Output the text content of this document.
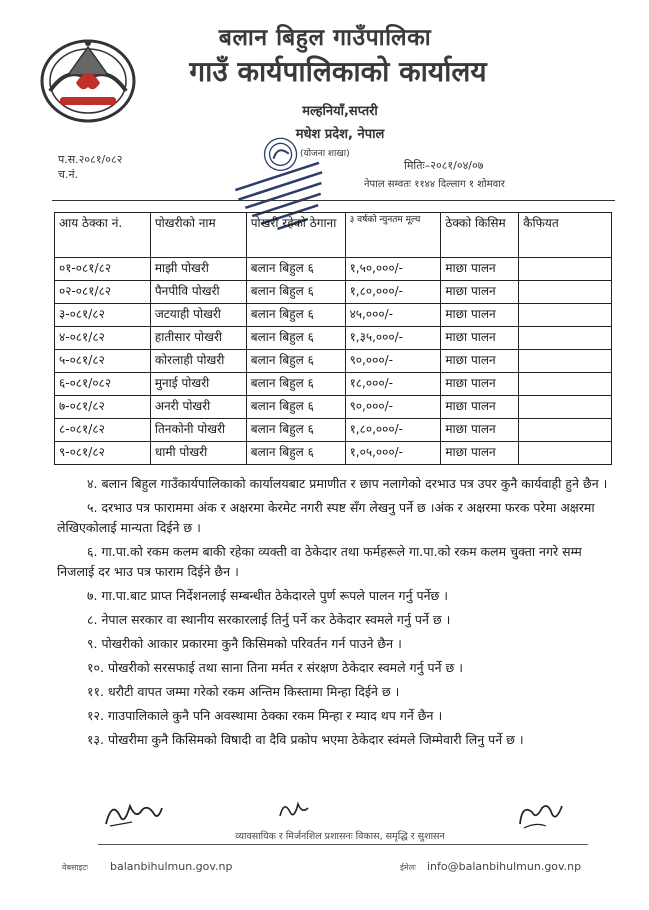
बलान बिहुल गाउँपालिका
गाउँ कार्यपालिकाको कार्यालय
मल्हनियाँ,सप्तरी
मधेश प्रदेश, नेपाल
(योजना शाखा)
प.स.२०८१/०८२
च.नं.
मितिः–२०८१/०४/०७
नेपाल सम्वतः ११४४ दिल्लाग १ शोमवार
आय ठेक्का नं.	पोखरीको नाम	पोखरी रहेको ठेगाना	३ वर्षको न्युनतम मूल्य	ठेक्को किसिम	कैफियत
०१-०८१/८२	माझी पोखरी	बलान बिहुल ६	१,५०,०००/-	माछा पालन	
०२-०८१/८२	पैनपीवि पोखरी	बलान बिहुल ६	१,८०,०००/-	माछा पालन	
३-०८१/८२	जटयाही पोखरी	बलान बिहुल ६	४५,०००/-	माछा पालन	
४-०८१/८२	हातीसार पोखरी	बलान बिहुल ६	१,३५,०००/-	माछा पालन	
५-०८१/८२	कोरलाही पोखरी	बलान बिहुल ६	९०,०००/-	माछा पालन	
६-०८१/०८२	मुनाई पोखरी	बलान बिहुल ६	१८,०००/-	माछा पालन	
७-०८१/८२	अनरी पोखरी	बलान बिहुल ६	९०,०००/-	माछा पालन	
८-०८१/८२	तिनकोनी पोखरी	बलान बिहुल ६	१,८०,०००/-	माछा पालन	
९-०८१/८२	धामी पोखरी	बलान बिहुल ६	१,०५,०००/-	माछा पालन	

४. बलान बिहुल गाउँकार्यपालिकाको कार्यालयबाट प्रमाणीत र छाप नलागेको दरभाउ पत्र उपर कुनै कार्यवाही हुने छैन ।

५. दरभाउ पत्र फाराममा अंक र अक्षरमा केरमेट नगरी स्पष्ट सँग लेखनु पर्ने छ ।अंक र अक्षरमा फरक परेमा अक्षरमा लेखिएकोलाई मान्यता दिईने छ ।

६. गा.पा.को रकम कलम बाकी रहेका व्यक्ती वा ठेकेदार तथा फर्महरूले गा.पा.को रकम कलम चुक्ता नगरे सम्म निजलाई दर भाउ पत्र फाराम दिईने छैन ।

७. गा.पा.बाट प्राप्त निर्देशनलाई सम्बन्धीत ठेकेदारले पुर्ण रूपले पालन गर्नु पर्नेछ ।

८. नेपाल सरकार वा स्थानीय सरकारलाई तिर्नु पर्ने कर ठेकेदार स्वमले गर्नु पर्ने छ ।

९. पोखरीको आकार प्रकारमा कुनै किसिमको परिवर्तन गर्न पाउने छैन ।

१०. पोखरीको सरसफाई तथा साना तिना मर्मत र संरक्षण ठेकेदार स्वमले गर्नु पर्ने छ ।

११. धरौटी वापत जम्मा गरेको रकम अन्तिम किस्तामा मिन्हा दिईने छ ।

१२. गाउपालिकाले कुनै पनि अवस्थामा ठेक्का रकम मिन्हा र म्याद थप गर्ने छैन ।

१३. पोखरीमा कुनै किसिमको विषादी वा दैवि प्रकोप भएमा ठेकेदार स्वंमले जिम्मेवारी लिनु पर्ने छ ।

व्यावसायिक र मिर्जनशिल प्रशासनः विकास, समृद्धि र सुशासन
वेबसाइटः balanbihulmun.gov.np	ईमेलः info@balanbihulmun.gov.np
